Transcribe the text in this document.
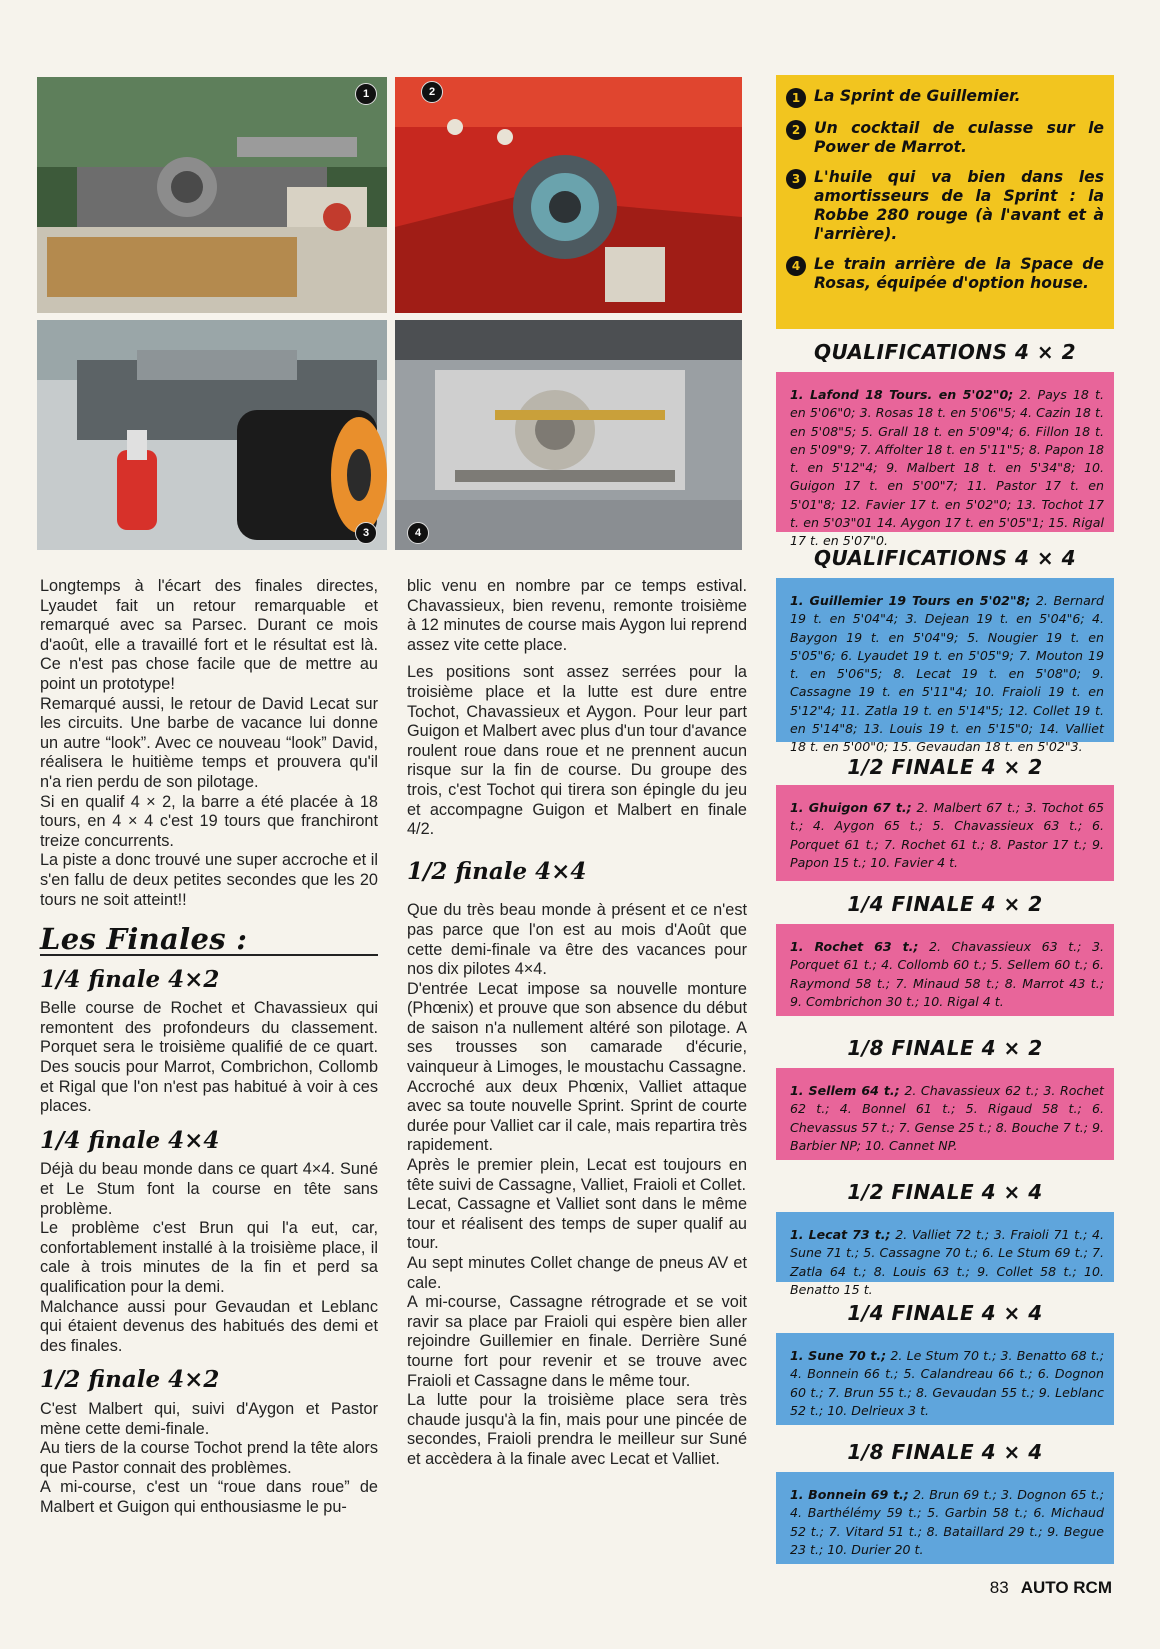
1	2
3	4

Longtemps à l'écart des finales directes, Lyaudet fait un retour remarquable et remarqué avec sa Parsec. Durant ce mois d'août, elle a travaillé fort et le résultat est là. Ce n'est pas chose facile que de mettre au point un prototype!

Remarqué aussi, le retour de David Lecat sur les circuits. Une barbe de vacance lui donne un autre “look”. Avec ce nouveau “look” David, réalisera le huitième temps et prouvera qu'il n'a rien perdu de son pilotage.

Si en qualif 4 × 2, la barre a été placée à 18 tours, en 4 × 4 c'est 19 tours que franchiront treize concurrents.

La piste a donc trouvé une super accroche et il s'en fallu de deux petites secondes que les 20 tours ne soit atteint!!

Les Finales :
1/4 finale 4×2

Belle course de Rochet et Chavassieux qui remontent des profondeurs du classement. Porquet sera le troisième qualifié de ce quart. Des soucis pour Marrot, Combrichon, Collomb et Rigal que l'on n'est pas habitué à voir à ces places.

1/4 finale 4×4

Déjà du beau monde dans ce quart 4×4. Suné et Le Stum font la course en tête sans problème.

Le problème c'est Brun qui l'a eut, car, confortablement installé à la troisième place, il cale à trois minutes de la fin et perd sa qualification pour la demi.

Malchance aussi pour Gevaudan et Leblanc qui étaient devenus des habitués des demi et des finales.

1/2 finale 4×2

C'est Malbert qui, suivi d'Aygon et Pastor mène cette demi-finale.

Au tiers de la course Tochot prend la tête alors que Pastor connait des problèmes.

A mi-course, c'est un “roue dans roue” de Malbert et Guigon qui enthousiasme le pu-

blic venu en nombre par ce temps estival. Chavassieux, bien revenu, remonte troisième à 12 minutes de course mais Aygon lui reprend assez vite cette place.

Les positions sont assez serrées pour la troisième place et la lutte est dure entre Tochot, Chavassieux et Aygon. Pour leur part Guigon et Malbert avec plus d'un tour d'avance roulent roue dans roue et ne prennent aucun risque sur la fin de course. Du groupe des trois, c'est Tochot qui tirera son épingle du jeu et accompagne Guigon et Malbert en finale 4/2.

1/2 finale 4×4

Que du très beau monde à présent et ce n'est pas parce que l'on est au mois d'Août que cette demi-finale va être des vacances pour nos dix pilotes 4×4.

D'entrée Lecat impose sa nouvelle monture (Phœnix) et prouve que son absence du début de saison n'a nullement altéré son pilotage. A ses trousses son camarade d'écurie, vainqueur à Limoges, le moustachu Cassagne.

Accroché aux deux Phœnix, Valliet attaque avec sa toute nouvelle Sprint. Sprint de courte durée pour Valliet car il cale, mais repartira très rapidement.

Après le premier plein, Lecat est toujours en tête suivi de Cassagne, Valliet, Fraioli et Collet.

Lecat, Cassagne et Valliet sont dans le même tour et réalisent des temps de super qualif au tour.

Au sept minutes Collet change de pneus AV et cale.

A mi-course, Cassagne rétrograde et se voit ravir sa place par Fraioli qui espère bien aller rejoindre Guillemier en finale. Derrière Suné tourne fort pour revenir et se trouve avec Fraioli et Cassagne dans le même tour.

La lutte pour la troisième place sera très chaude jusqu'à la fin, mais pour une pincée de secondes, Fraioli prendra le meilleur sur Suné et accèdera à la finale avec Lecat et Valliet.

1 La Sprint de Guillemier.
2 Un cocktail de culasse sur le Power de Marrot.
3 L'huile qui va bien dans les amortisseurs de la Sprint : la Robbe 280 rouge (à l'avant et à l'arrière).
4 Le train arrière de la Space de Rosas, équipée d'option house.
QUALIFICATIONS 4 × 2
1. Lafond 18 Tours. en 5'02"0; 2. Pays 18 t. en 5'06"0; 3. Rosas 18 t. en 5'06"5; 4. Cazin 18 t. en 5'08"5; 5. Grall 18 t. en 5'09"4; 6. Fillon 18 t. en 5'09"9; 7. Affolter 18 t. en 5'11"5; 8. Papon 18 t. en 5'12"4; 9. Malbert 18 t. en 5'34"8; 10. Guigon 17 t. en 5'00"7; 11. Pastor 17 t. en 5'01"8; 12. Favier 17 t. en 5'02"0; 13. Tochot 17 t. en 5'03"01 14. Aygon 17 t. en 5'05"1; 15. Rigal 17 t. en 5'07"0.
QUALIFICATIONS 4 × 4
1. Guillemier 19 Tours en 5'02"8; 2. Bernard 19 t. en 5'04"4; 3. Dejean 19 t. en 5'04"6; 4. Baygon 19 t. en 5'04"9; 5. Nougier 19 t. en 5'05"6; 6. Lyaudet 19 t. en 5'05"9; 7. Mouton 19 t. en 5'06"5; 8. Lecat 19 t. en 5'08"0; 9. Cassagne 19 t. en 5'11"4; 10. Fraioli 19 t. en 5'12"4; 11. Zatla 19 t. en 5'14"5; 12. Collet 19 t. en 5'14"8; 13. Louis 19 t. en 5'15"0; 14. Valliet 18 t. en 5'00"0; 15. Gevaudan 18 t. en 5'02"3.
1/2 FINALE 4 × 2
1. Ghuigon 67 t.; 2. Malbert 67 t.; 3. Tochot 65 t.; 4. Aygon 65 t.; 5. Chavassieux 63 t.; 6. Porquet 61 t.; 7. Rochet 61 t.; 8. Pastor 17 t.; 9. Papon 15 t.; 10. Favier 4 t.
1/4 FINALE 4 × 2
1. Rochet 63 t.; 2. Chavassieux 63 t.; 3. Porquet 61 t.; 4. Collomb 60 t.; 5. Sellem 60 t.; 6. Raymond 58 t.; 7. Minaud 58 t.; 8. Marrot 43 t.; 9. Combrichon 30 t.; 10. Rigal 4 t.
1/8 FINALE 4 × 2
1. Sellem 64 t.; 2. Chavassieux 62 t.; 3. Rochet 62 t.; 4. Bonnel 61 t.; 5. Rigaud 58 t.; 6. Chevassus 57 t.; 7. Gense 25 t.; 8. Bouche 7 t.; 9. Barbier NP; 10. Cannet NP.
1/2 FINALE 4 × 4
1. Lecat 73 t.; 2. Valliet 72 t.; 3. Fraioli 71 t.; 4. Sune 71 t.; 5. Cassagne 70 t.; 6. Le Stum 69 t.; 7. Zatla 64 t.; 8. Louis 63 t.; 9. Collet 58 t.; 10. Benatto 15 t.
1/4 FINALE 4 × 4
1. Sune 70 t.; 2. Le Stum 70 t.; 3. Benatto 68 t.; 4. Bonnein 66 t.; 5. Calandreau 66 t.; 6. Dognon 60 t.; 7. Brun 55 t.; 8. Gevaudan 55 t.; 9. Leblanc 52 t.; 10. Delrieux 3 t.
1/8 FINALE 4 × 4
1. Bonnein 69 t.; 2. Brun 69 t.; 3. Dognon 65 t.; 4. Barthélémy 59 t.; 5. Garbin 58 t.; 6. Michaud 52 t.; 7. Vitard 51 t.; 8. Bataillard 29 t.; 9. Begue 23 t.; 10. Durier 20 t.
83 AUTO RCM
